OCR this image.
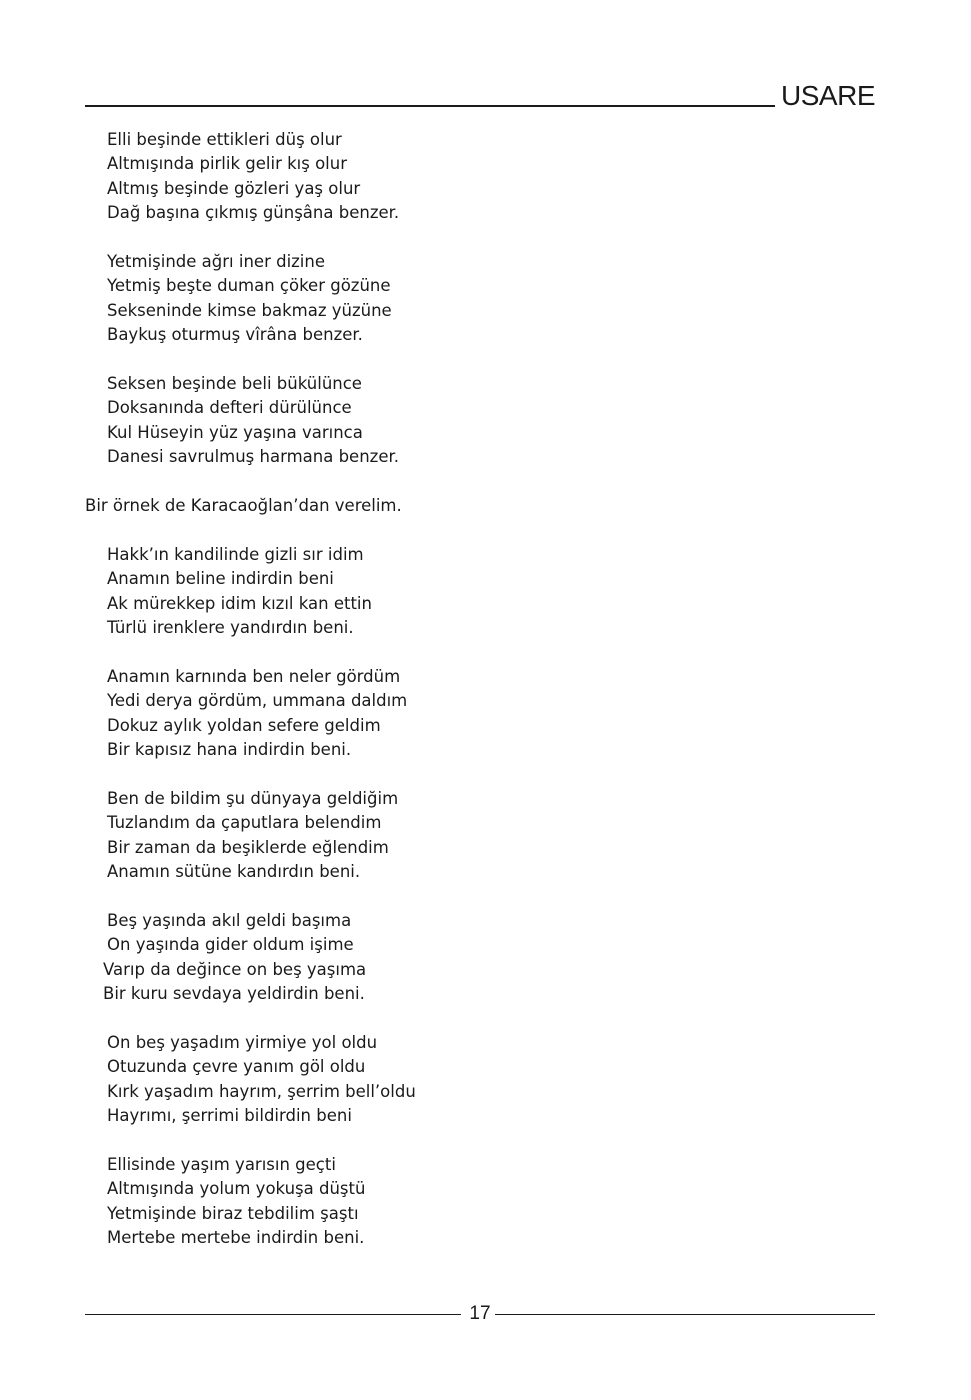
USARE
Elli beşinde ettikleri düş olur
Altmışında pirlik gelir kış olur
Altmış beşinde gözleri yaş olur
Dağ başına çıkmış günşâna benzer.
Yetmişinde ağrı iner dizine
Yetmiş beşte duman çöker gözüne
Sekseninde kimse bakmaz yüzüne
Baykuş oturmuş vîrâna benzer.
Seksen beşinde beli bükülünce
Doksanında defteri dürülünce
Kul Hüseyin yüz yaşına varınca
Danesi savrulmuş harmana benzer.
Bir örnek de Karacaoğlan’dan verelim.
Hakk’ın kandilinde gizli sır idim
Anamın beline indirdin beni
Ak mürekkep idim kızıl kan ettin
Türlü irenklere yandırdın beni.
Anamın karnında ben neler gördüm
Yedi derya gördüm, ummana daldım
Dokuz aylık yoldan sefere geldim
Bir kapısız hana indirdin beni.
Ben de bildim şu dünyaya geldiğim
Tuzlandım da çaputlara belendim
Bir zaman da beşiklerde eğlendim
Anamın sütüne kandırdın beni.
Beş yaşında akıl geldi başıma
On yaşında gider oldum işime
Varıp da değince on beş yaşıma
Bir kuru sevdaya yeldirdin beni.
On beş yaşadım yirmiye yol oldu
Otuzunda çevre yanım göl oldu
Kırk yaşadım hayrım, şerrim bell’oldu
Hayrımı, şerrimi bildirdin beni
Ellisinde yaşım yarısın geçti
Altmışında yolum yokuşa düştü
Yetmişinde biraz tebdilim şaştı
Mertebe mertebe indirdin beni.
17
